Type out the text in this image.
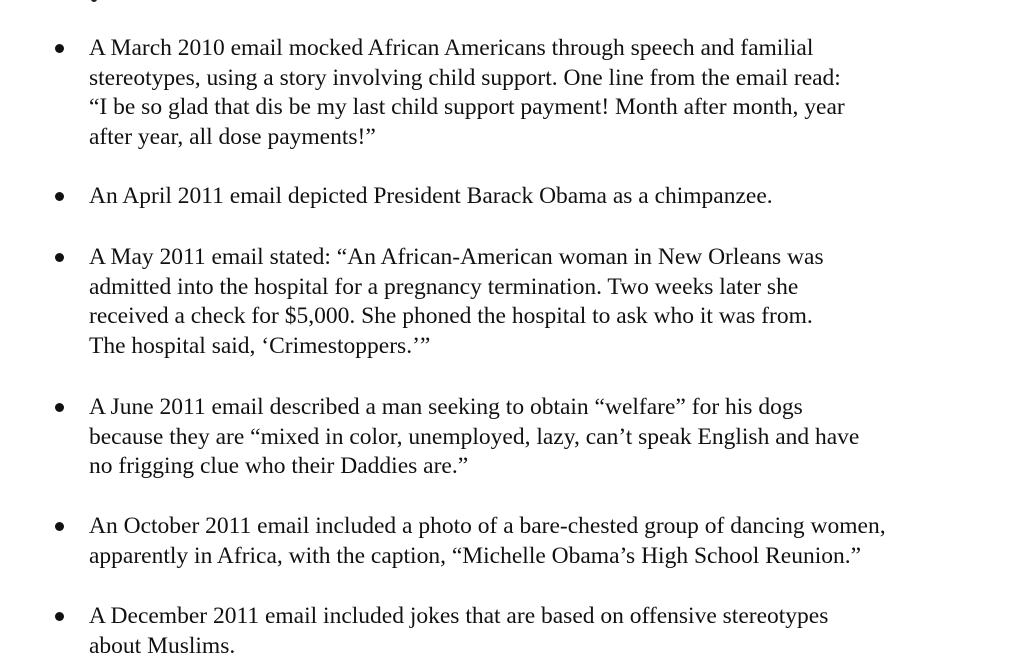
A March 2010 email mocked African Americans through speech and familial
stereotypes, using a story involving child support. One line from the email read:
“I be so glad that dis be my last child support payment! Month after month, year
after year, all dose payments!”

An April 2011 email depicted President Barack Obama as a chimpanzee.

A May 2011 email stated: “An African-American woman in New Orleans was
admitted into the hospital for a pregnancy termination. Two weeks later she
received a check for $5,000. She phoned the hospital to ask who it was from.
The hospital said, ‘Crimestoppers.’”

A June 2011 email described a man seeking to obtain “welfare” for his dogs
because they are “mixed in color, unemployed, lazy, can’t speak English and have
no frigging clue who their Daddies are.”

An October 2011 email included a photo of a bare-chested group of dancing women,
apparently in Africa, with the caption, “Michelle Obama’s High School Reunion.”

A December 2011 email included jokes that are based on offensive stereotypes
about Muslims.
